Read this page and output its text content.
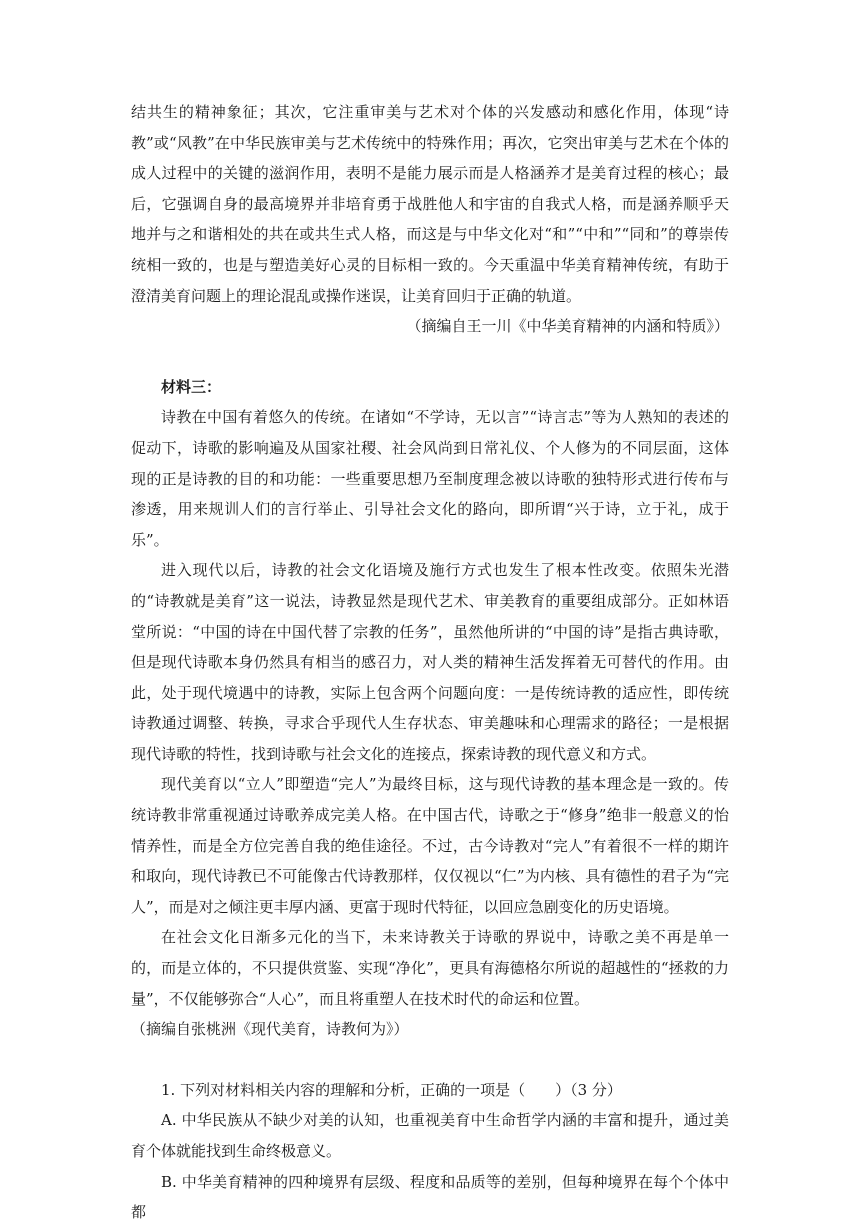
结共生的精神象征；其次，它注重审美与艺术对个体的兴发感动和感化作用，体现“诗教”或“风教”在中华民族审美与艺术传统中的特殊作用；再次，它突出审美与艺术在个体的成人过程中的关键的滋润作用，表明不是能力展示而是人格涵养才是美育过程的核心；最后，它强调自身的最高境界并非培育勇于战胜他人和宇宙的自我式人格，而是涵养顺乎天地并与之和谐相处的共在或共生式人格，而这是与中华文化对“和”“中和”“同和”的尊崇传统相一致的，也是与塑造美好心灵的目标相一致的。今天重温中华美育精神传统，有助于澄清美育问题上的理论混乱或操作迷误，让美育回归于正确的轨道。

（摘编自王一川《中华美育精神的内涵和特质》）

材料三：

诗教在中国有着悠久的传统。在诸如“不学诗，无以言”“诗言志”等为人熟知的表述的促动下，诗歌的影响遍及从国家社稷、社会风尚到日常礼仪、个人修为的不同层面，这体现的正是诗教的目的和功能：一些重要思想乃至制度理念被以诗歌的独特形式进行传布与渗透，用来规训人们的言行举止、引导社会文化的路向，即所谓“兴于诗，立于礼，成于乐”。

进入现代以后，诗教的社会文化语境及施行方式也发生了根本性改变。依照朱光潜的“诗教就是美育”这一说法，诗教显然是现代艺术、审美教育的重要组成部分。正如林语堂所说：“中国的诗在中国代替了宗教的任务”，虽然他所讲的“中国的诗”是指古典诗歌，但是现代诗歌本身仍然具有相当的感召力，对人类的精神生活发挥着无可替代的作用。由此，处于现代境遇中的诗教，实际上包含两个问题向度：一是传统诗教的适应性，即传统诗教通过调整、转换，寻求合乎现代人生存状态、审美趣味和心理需求的路径；一是根据现代诗歌的特性，找到诗歌与社会文化的连接点，探索诗教的现代意义和方式。

现代美育以“立人”即塑造“完人”为最终目标，这与现代诗教的基本理念是一致的。传统诗教非常重视通过诗歌养成完美人格。在中国古代，诗歌之于“修身”绝非一般意义的怡情养性，而是全方位完善自我的绝佳途径。不过，古今诗教对“完人”有着很不一样的期许和取向，现代诗教已不可能像古代诗教那样，仅仅视以“仁”为内核、具有德性的君子为“完人”，而是对之倾注更丰厚内涵、更富于现时代特征，以回应急剧变化的历史语境。

在社会文化日渐多元化的当下，未来诗教关于诗歌的界说中，诗歌之美不再是单一的，而是立体的，不只提供赏鉴、实现“净化”，更具有海德格尔所说的超越性的“拯救的力量”，不仅能够弥合“人心”，而且将重塑人在技术时代的命运和位置。

（摘编自张桃洲《现代美育，诗教何为》）

1. 下列对材料相关内容的理解和分析，正确的一项是（　　）（3 分）

A. 中华民族从不缺少对美的认知，也重视美育中生命哲学内涵的丰富和提升，通过美育个体就能找到生命终极意义。

B. 中华美育精神的四种境界有层级、程度和品质等的差别，但每种境界在每个个体中都
